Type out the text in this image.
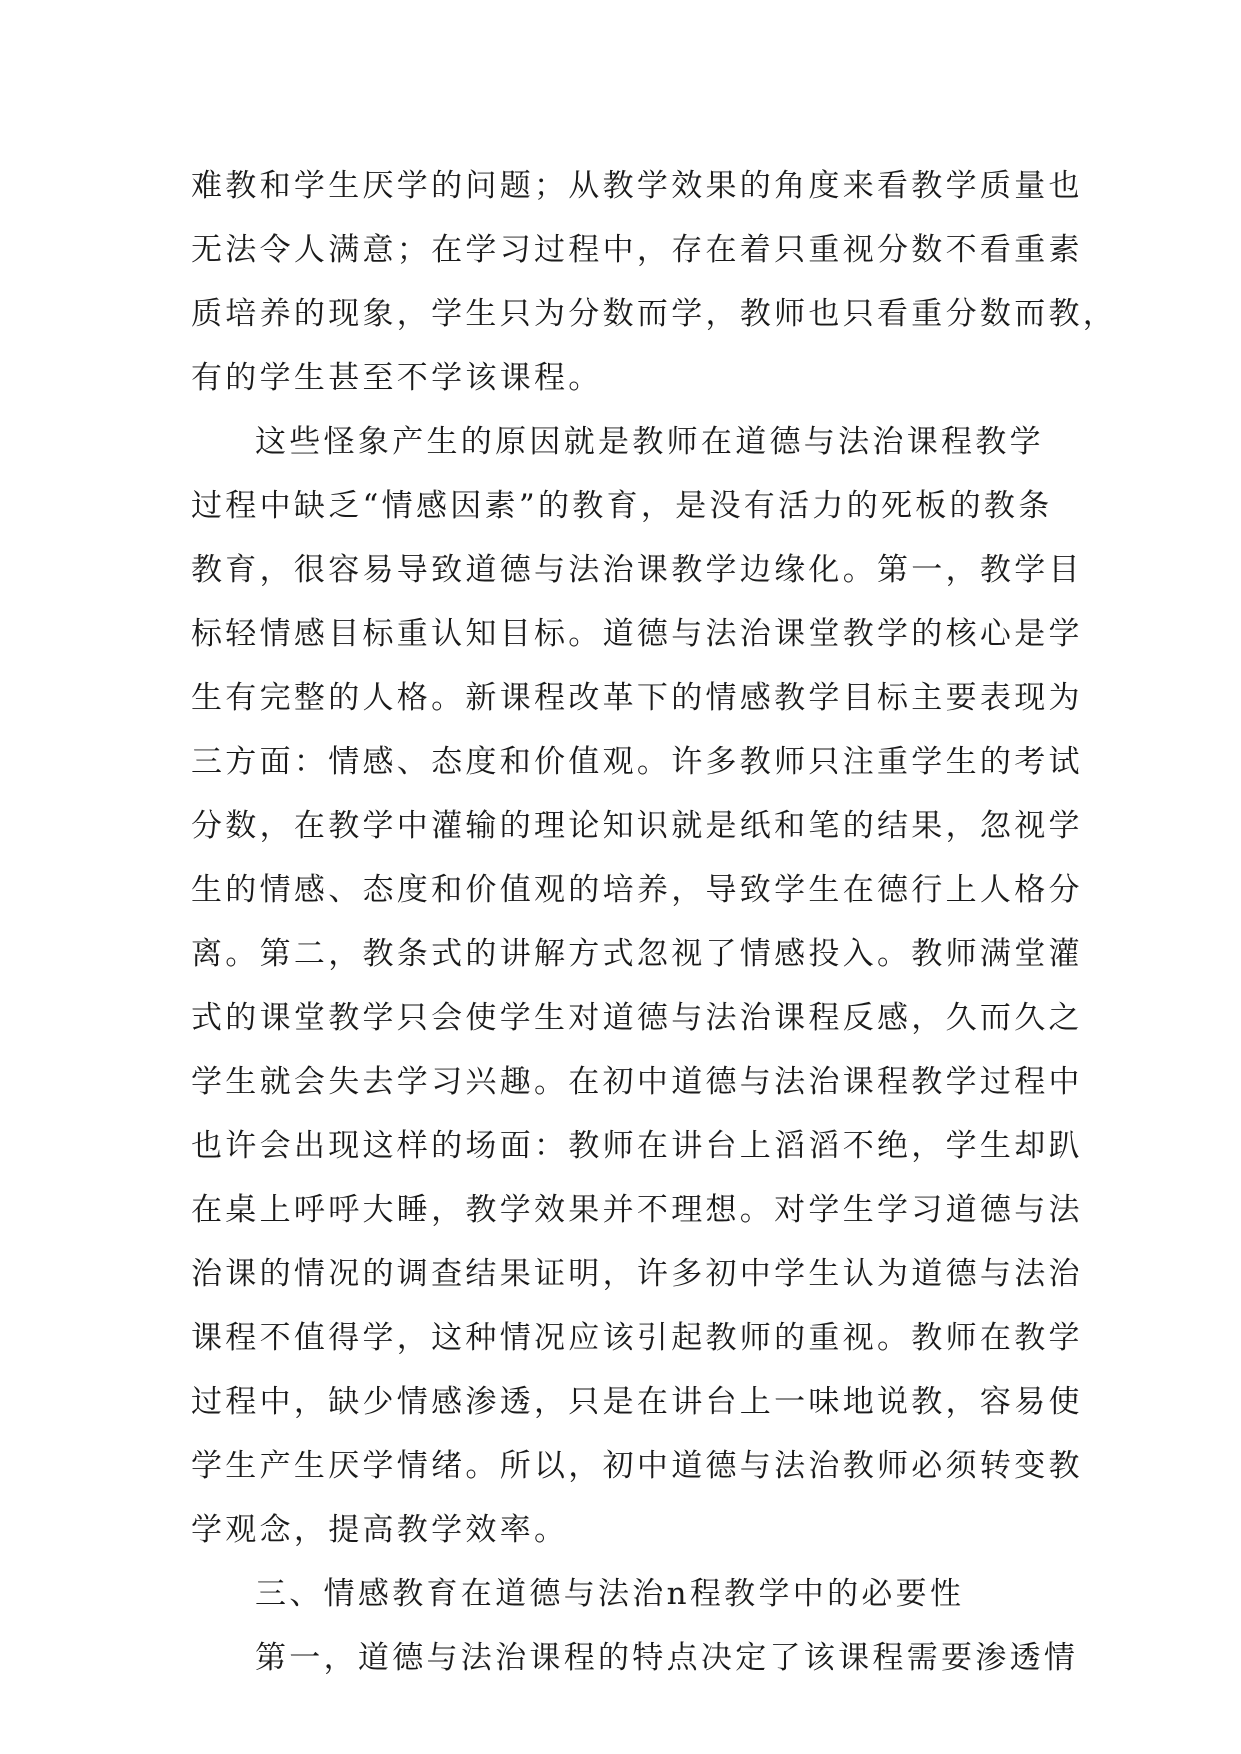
难教和学生厌学的问题；从教学效果的角度来看教学质量也
无法令人满意；在学习过程中，存在着只重视分数不看重素
质培养的现象，学生只为分数而学，教师也只看重分数而教，
有的学生甚至不学该课程。
这些怪象产生的原因就是教师在道德与法治课程教学
过程中缺乏“情感因素”的教育，是没有活力的死板的教条
教育，很容易导致道德与法治课教学边缘化。第一，教学目
标轻情感目标重认知目标。道德与法治课堂教学的核心是学
生有完整的人格。新课程改革下的情感教学目标主要表现为
三方面：情感、态度和价值观。许多教师只注重学生的考试
分数，在教学中灌输的理论知识就是纸和笔的结果，忽视学
生的情感、态度和价值观的培养，导致学生在德行上人格分
离。第二，教条式的讲解方式忽视了情感投入。教师满堂灌
式的课堂教学只会使学生对道德与法治课程反感，久而久之
学生就会失去学习兴趣。在初中道德与法治课程教学过程中
也许会出现这样的场面：教师在讲台上滔滔不绝，学生却趴
在桌上呼呼大睡，教学效果并不理想。对学生学习道德与法
治课的情况的调查结果证明，许多初中学生认为道德与法治
课程不值得学，这种情况应该引起教师的重视。教师在教学
过程中，缺少情感渗透，只是在讲台上一味地说教，容易使
学生产生厌学情绪。所以，初中道德与法治教师必须转变教
学观念，提高教学效率。
三、情感教育在道德与法治n程教学中的必要性
第一，道德与法治课程的特点决定了该课程需要渗透情
